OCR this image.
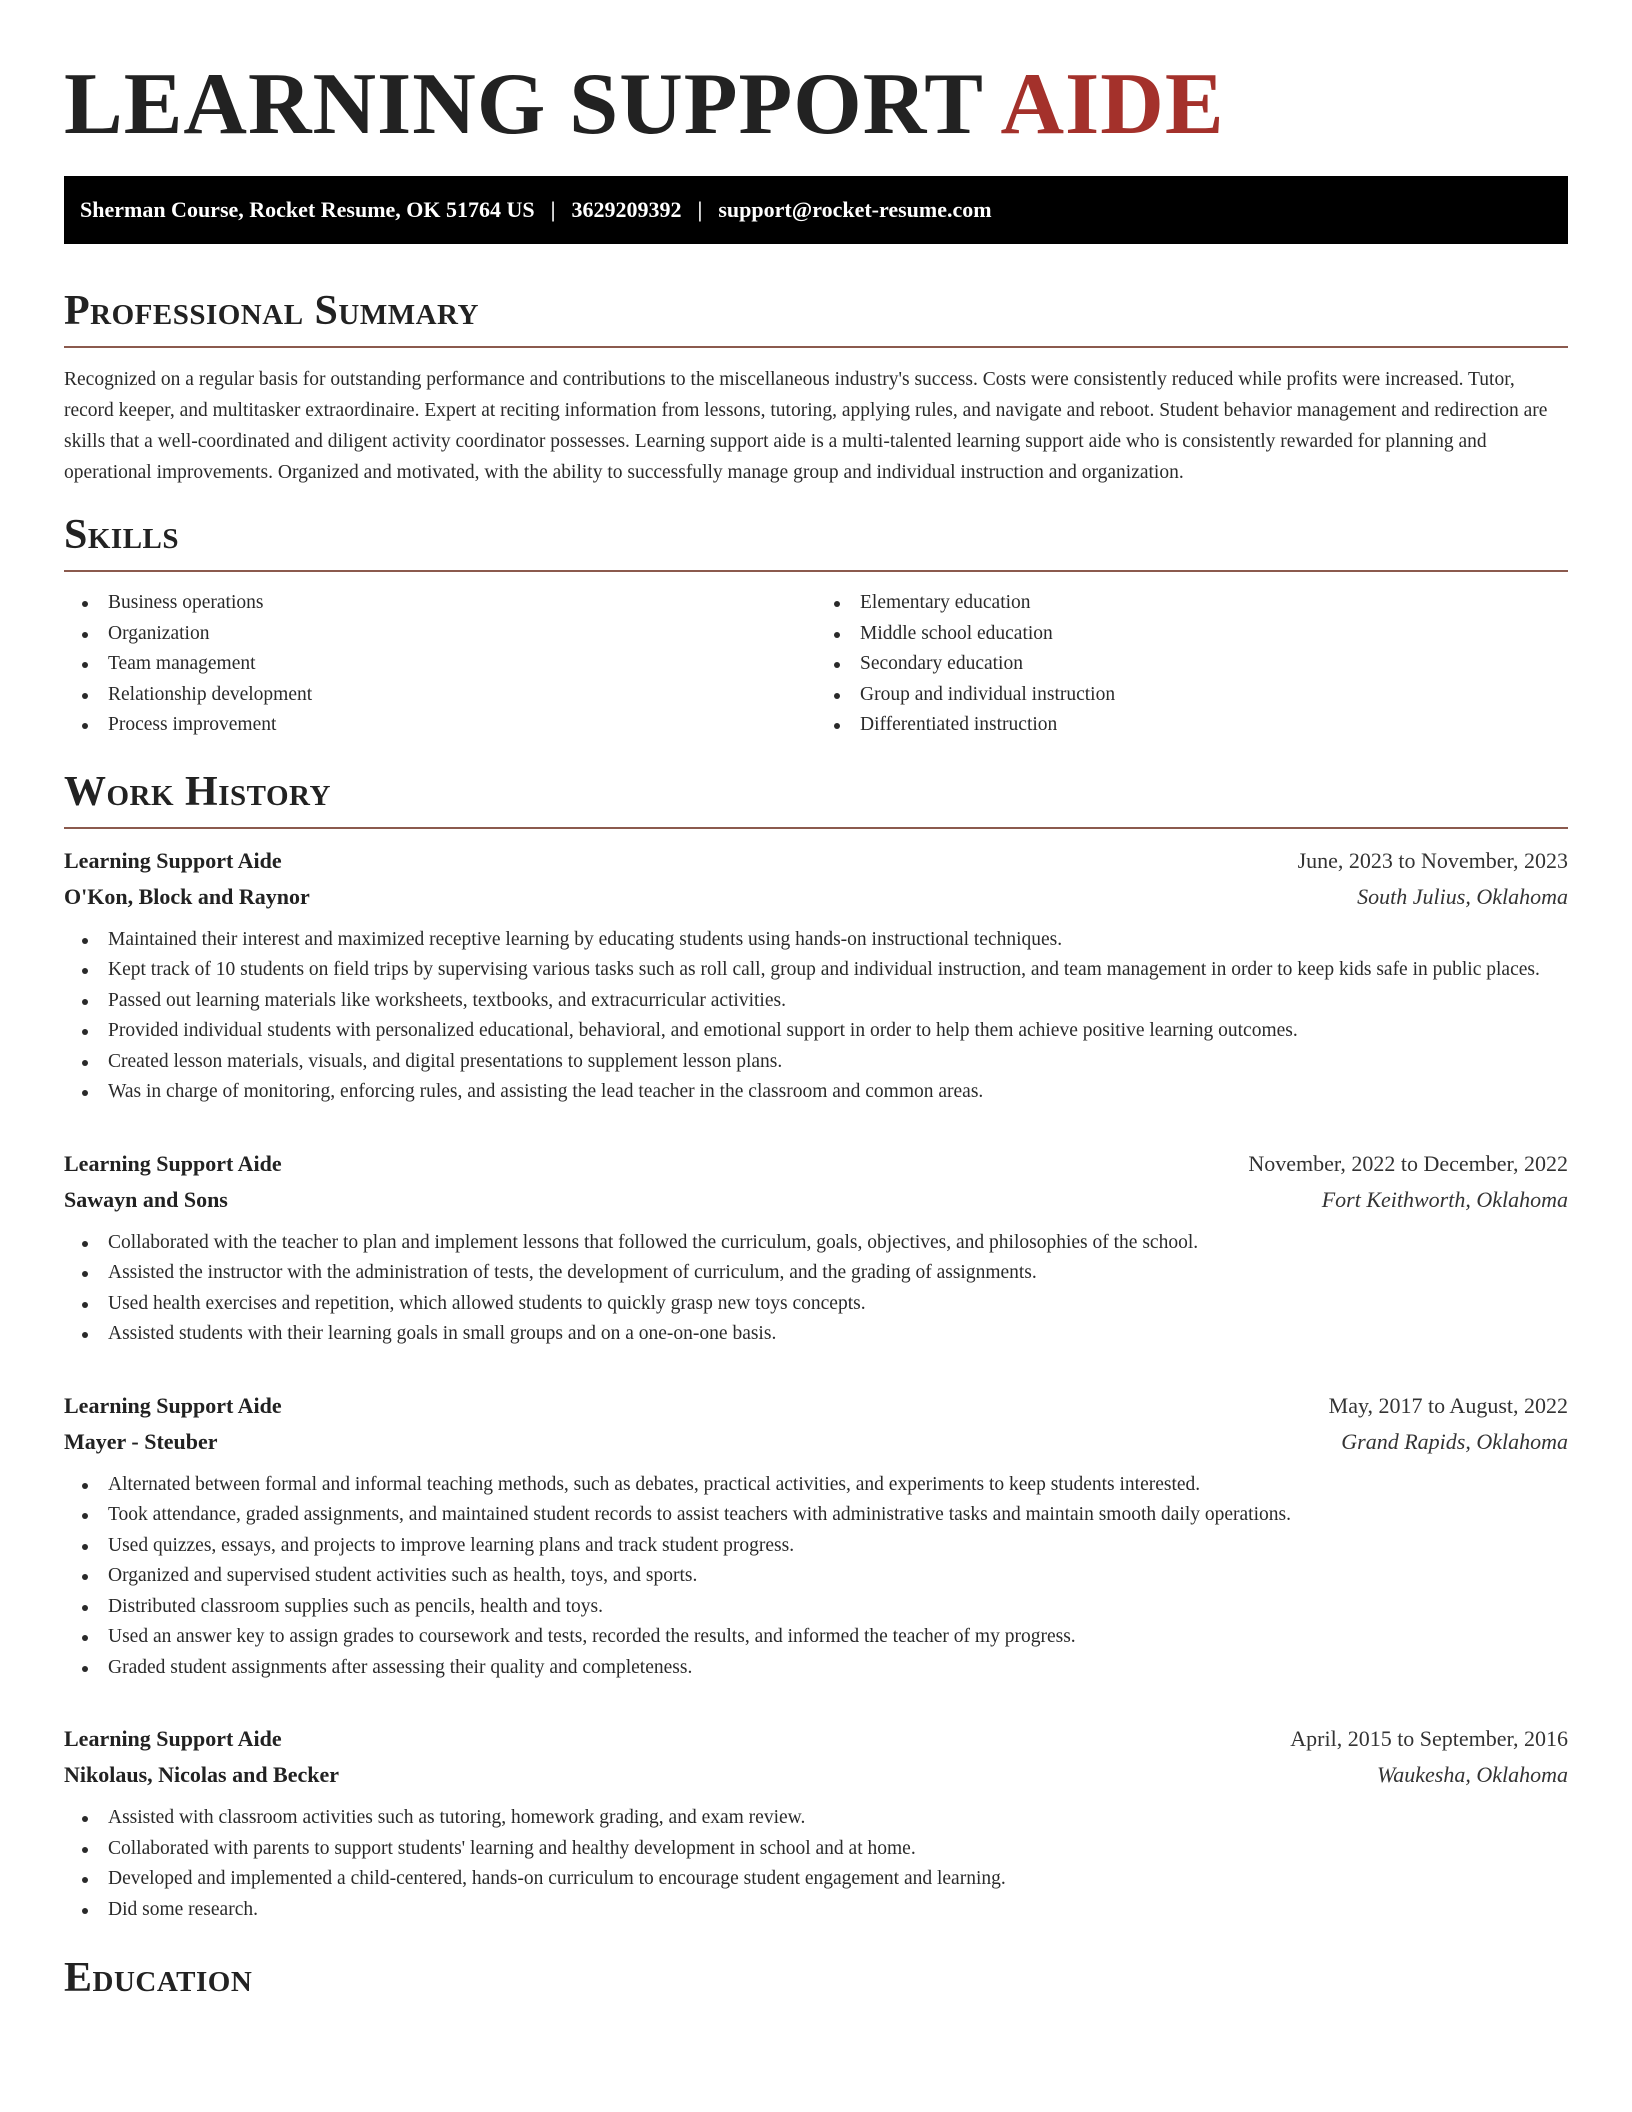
LEARNING SUPPORT AIDE
Sherman Course, Rocket Resume, OK 51764 US | 3629209392 | support@rocket-resume.com
Professional Summary

Recognized on a regular basis for outstanding performance and contributions to the miscellaneous industry's success. Costs were consistently reduced while profits were increased. Tutor, record keeper, and multitasker extraordinaire. Expert at reciting information from lessons, tutoring, applying rules, and navigate and reboot. Student behavior management and redirection are skills that a well-coordinated and diligent activity coordinator possesses. Learning support aide is a multi-talented learning support aide who is consistently rewarded for planning and operational improvements. Organized and motivated, with the ability to successfully manage group and individual instruction and organization.

Skills
Business operations
Organization
Team management
Relationship development
Process improvement
Elementary education
Middle school education
Secondary education
Group and individual instruction
Differentiated instruction
Work History
Learning Support Aide	June, 2023 to November, 2023
O'Kon, Block and Raynor	South Julius, Oklahoma
Maintained their interest and maximized receptive learning by educating students using hands-on instructional techniques.
Kept track of 10 students on field trips by supervising various tasks such as roll call, group and individual instruction, and team management in order to keep kids safe in public places.
Passed out learning materials like worksheets, textbooks, and extracurricular activities.
Provided individual students with personalized educational, behavioral, and emotional support in order to help them achieve positive learning outcomes.
Created lesson materials, visuals, and digital presentations to supplement lesson plans.
Was in charge of monitoring, enforcing rules, and assisting the lead teacher in the classroom and common areas.
Learning Support Aide	November, 2022 to December, 2022
Sawayn and Sons	Fort Keithworth, Oklahoma
Collaborated with the teacher to plan and implement lessons that followed the curriculum, goals, objectives, and philosophies of the school.
Assisted the instructor with the administration of tests, the development of curriculum, and the grading of assignments.
Used health exercises and repetition, which allowed students to quickly grasp new toys concepts.
Assisted students with their learning goals in small groups and on a one-on-one basis.
Learning Support Aide	May, 2017 to August, 2022
Mayer - Steuber	Grand Rapids, Oklahoma
Alternated between formal and informal teaching methods, such as debates, practical activities, and experiments to keep students interested.
Took attendance, graded assignments, and maintained student records to assist teachers with administrative tasks and maintain smooth daily operations.
Used quizzes, essays, and projects to improve learning plans and track student progress.
Organized and supervised student activities such as health, toys, and sports.
Distributed classroom supplies such as pencils, health and toys.
Used an answer key to assign grades to coursework and tests, recorded the results, and informed the teacher of my progress.
Graded student assignments after assessing their quality and completeness.
Learning Support Aide	April, 2015 to September, 2016
Nikolaus, Nicolas and Becker	Waukesha, Oklahoma
Assisted with classroom activities such as tutoring, homework grading, and exam review.
Collaborated with parents to support students' learning and healthy development in school and at home.
Developed and implemented a child-centered, hands-on curriculum to encourage student engagement and learning.
Did some research.
Education
